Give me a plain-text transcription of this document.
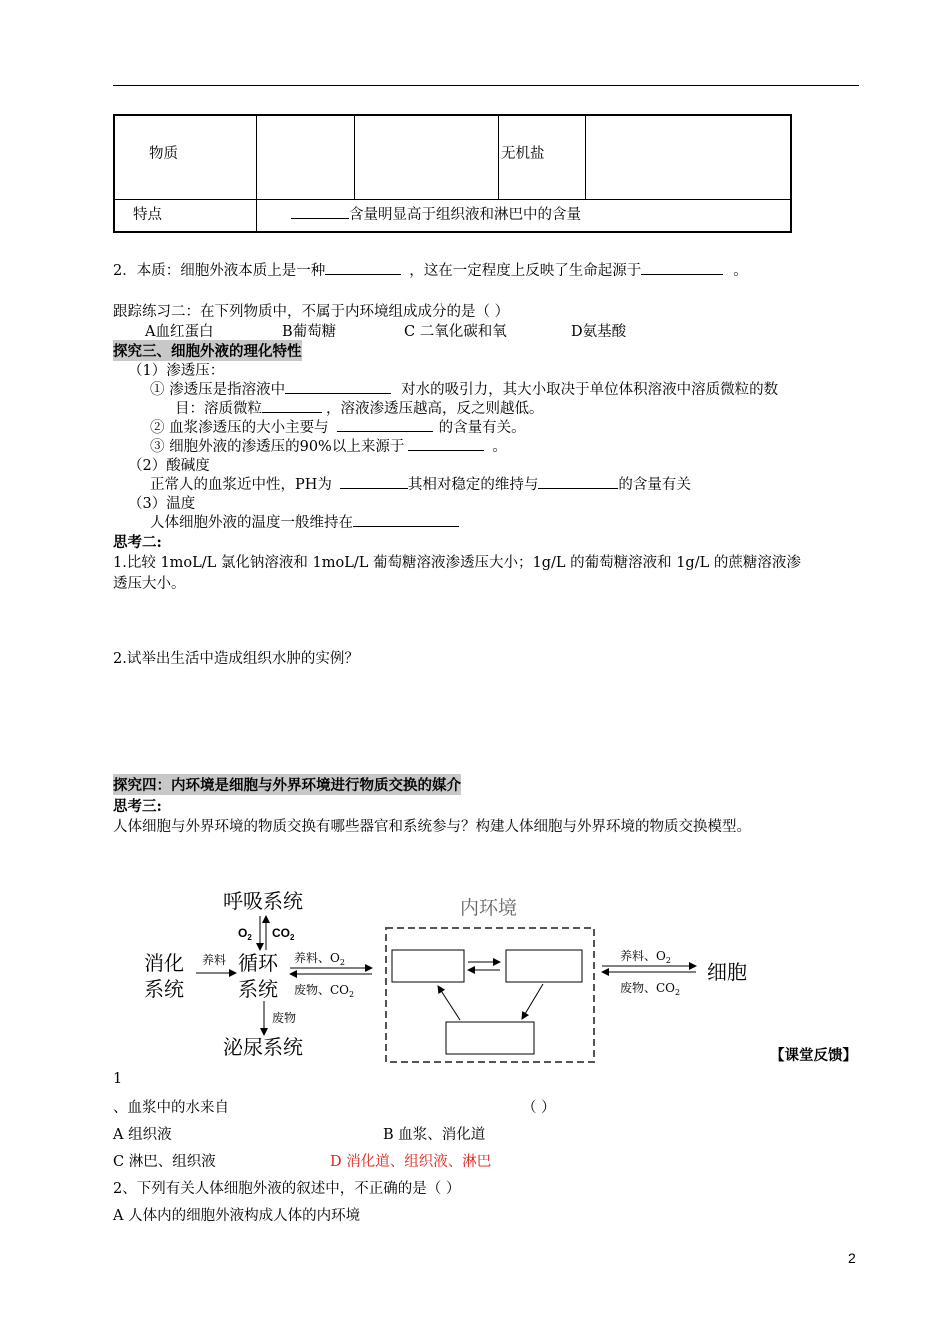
物质			无机盐	

特点	含量明显高于组织液和淋巴中的含量			
2．本质：细胞外液本质上是一种	，这在一定程度上反映了生命起源于	。
跟踪练习二：在下列物质中，不属于内环境组成成分的是（ ）
A血红蛋白	B葡萄糖	C 二氧化碳和氧	D氨基酸
探究三、细胞外液的理化特性
（1）渗透压：
① 渗透压是指溶液中	对水的吸引力，其大小取决于单位体积溶液中溶质微粒的数
目：溶质微粒	，溶液渗透压越高，反之则越低。
② 血浆渗透压的大小主要与	的含量有关。
③ 细胞外液的渗透压的90%以上来源于	。
（2）酸碱度
正常人的血浆近中性，PH为	其相对稳定的维持与	的含量有关
（3）温度
人体细胞外液的温度一般维持在
思考二:
1.比较 1moL/L 氯化钠溶液和 1moL/L 葡萄糖溶液渗透压大小；1g/L 的葡萄糖溶液和 1g/L 的蔗糖溶液渗
透压大小。
2.试举出生活中造成组织水肿的实例？
探究四：内环境是细胞与外界环境进行物质交换的媒介
思考三:
人体细胞与外界环境的物质交换有哪些器官和系统参与？构建人体细胞与外界环境的物质交换模型。
呼吸系统
$O_2$ $CO_2$
消化
系统
养料 循环
系统
养料、$O_2$
废物、$CO_2$
废物
泌尿系统
内环境
养料、$O_2$
废物、$CO_2$
细胞
【课堂反馈】
1
、血浆中的水来自	（ ）
A 组织液	B 血浆、消化道
C 淋巴、组织液	D 消化道、组织液、淋巴
2、下列有关人体细胞外液的叙述中，不正确的是（ ）
A 人体内的细胞外液构成人体的内环境
2
